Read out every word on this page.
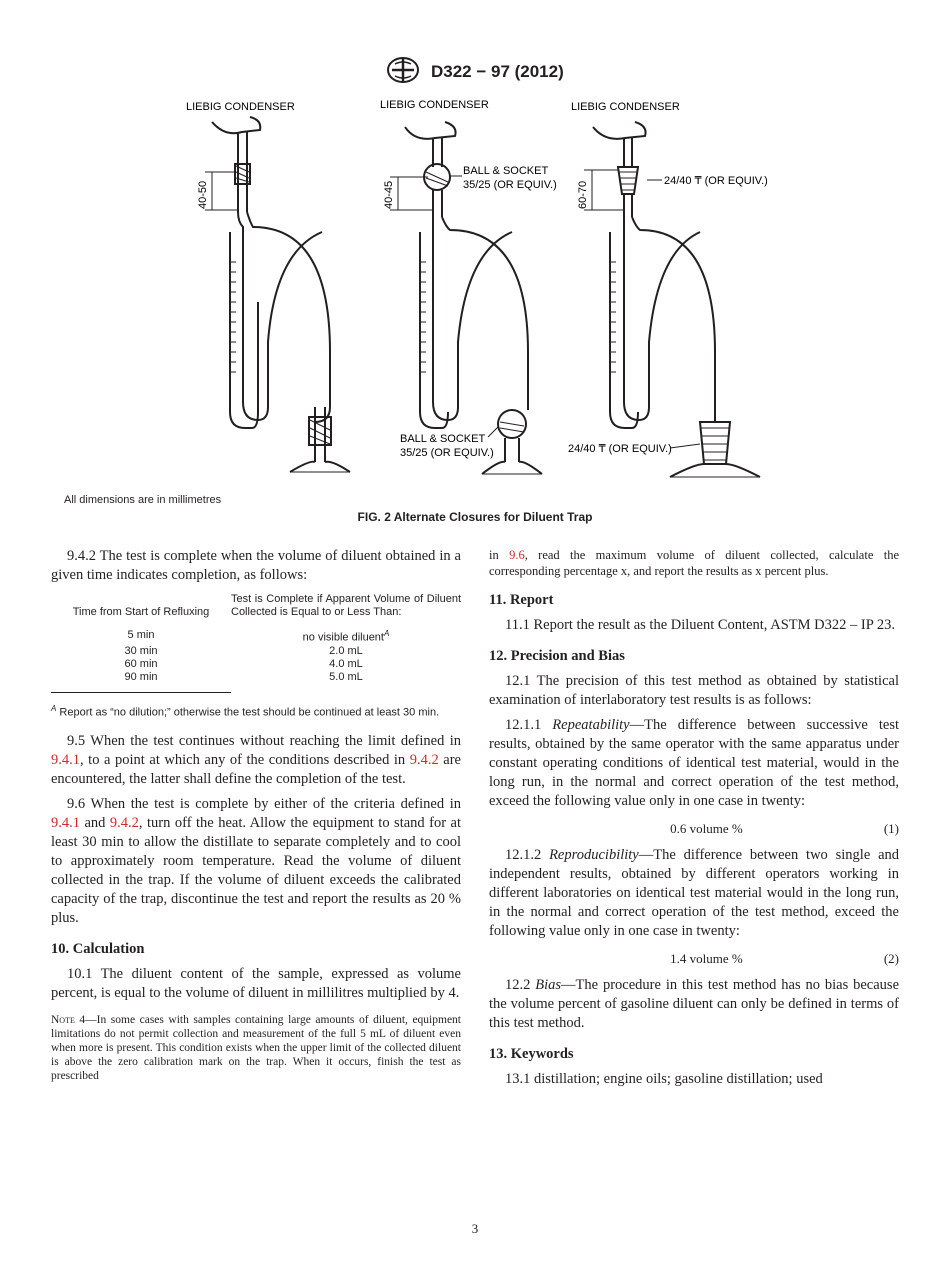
D322 − 97 (2012)
LIEBIG CONDENSER	LIEBIG CONDENSER	LIEBIG CONDENSER
40-50	40-45	60-70
BALL & SOCKET
35/25 (OR EQUIV.)
BALL & SOCKET
35/25 (OR EQUIV.)
24/40 ₸ (OR EQUIV.)
24/40 ₸ (OR EQUIV.)
All dimensions are in millimetres
FIG. 2 Alternate Closures for Diluent Trap

9.4.2 The test is complete when the volume of diluent obtained in a given time indicates completion, as follows:

Time from Start of Refluxing	Test is Complete if Apparent Volume of Diluent Collected is Equal to or Less Than:
5 min	no visible diluent$^A$
30 min	2.0 mL
60 min	4.0 mL
90 min	5.0 mL

$^A$ Report as “no dilution;” otherwise the test should be continued at least 30 min.

9.5 When the test continues without reaching the limit defined in 9.4.1, to a point at which any of the conditions described in 9.4.2 are encountered, the latter shall define the completion of the test.

9.6 When the test is complete by either of the criteria defined in 9.4.1 and 9.4.2, turn off the heat. Allow the equipment to stand for at least 30 min to allow the distillate to separate completely and to cool to approximately room temperature. Read the volume of diluent collected in the trap. If the volume of diluent exceeds the calibrated capacity of the trap, discontinue the test and report the results as 20 % plus.

10. Calculation

10.1 The diluent content of the sample, expressed as volume percent, is equal to the volume of diluent in millilitres multiplied by 4.

Note 4—In some cases with samples containing large amounts of diluent, equipment limitations do not permit collection and measurement of the full 5 mL of diluent even when more is present. This condition exists when the upper limit of the collected diluent is above the zero calibration mark on the trap. When it occurs, finish the test as prescribed

in 9.6, read the maximum volume of diluent collected, calculate the corresponding percentage x, and report the results as x percent plus.

11. Report

11.1 Report the result as the Diluent Content, ASTM D322 – IP 23.

12. Precision and Bias

12.1 The precision of this test method as obtained by statistical examination of interlaboratory test results is as follows:

12.1.1 Repeatability—The difference between successive test results, obtained by the same operator with the same apparatus under constant operating conditions of identical test material, would in the long run, in the normal and correct operation of the test method, exceed the following value only in one case in twenty:

0.6 volume %	(1)

12.1.2 Reproducibility—The difference between two single and independent results, obtained by different operators working in different laboratories on identical test material would in the long run, in the normal and correct operation of the test method, exceed the following value only in one case in twenty:

1.4 volume %	(2)

12.2 Bias—The procedure in this test method has no bias because the volume percent of gasoline diluent can only be defined in terms of this test method.

13. Keywords

13.1 distillation; engine oils; gasoline distillation; used

3
